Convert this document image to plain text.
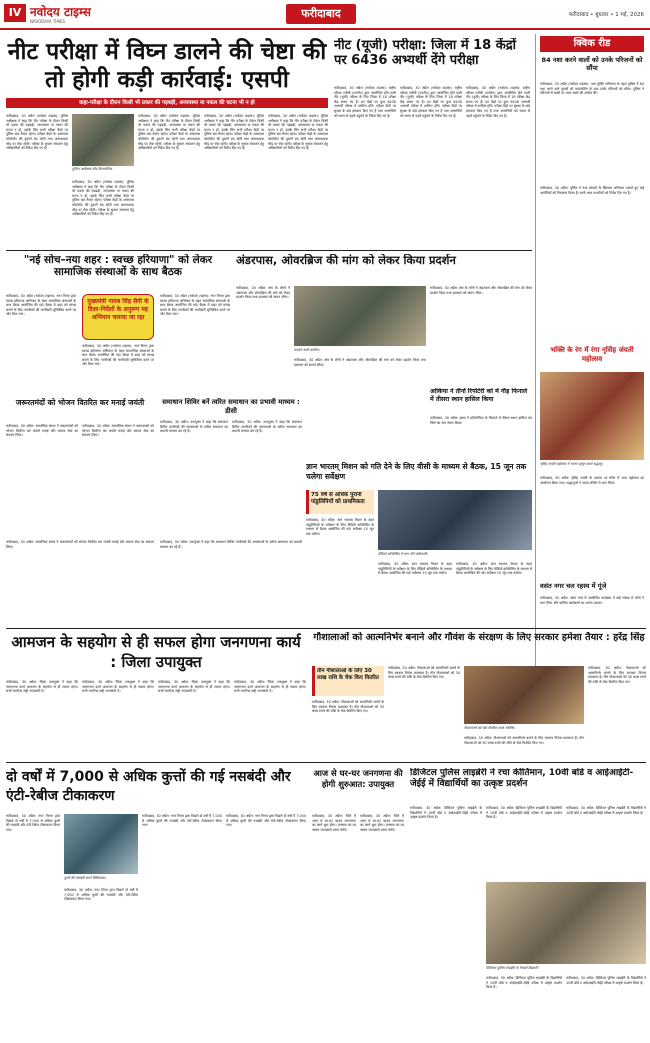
IV नवोदय टाइम्स
NAVODAYA TIMES
फरीदाबाद	फरीदाबाद • बुधवार • 1 मई, 2026
नीट परीक्षा में विघ्न डालने की चेष्टा की तो होगी कड़ी कार्रवाई: एसपी
कहा-परीक्षा के दौरान किसी भी प्रकार की गड़बड़ी, अव्यवस्था या नकल की घटना भी न हो
फरीदाबाद, 30 अप्रैल (नवोदय टाइम्स): पुलिस अधीक्षक ने कहा कि नीट परीक्षा के दौरान किसी भी प्रकार की गड़बड़ी, अव्यवस्था या नकल की घटना न हो, इसके लिए सभी परीक्षा केंद्रों पर पुलिस बल तैनात रहेगा। परीक्षा केंद्रों के आसपास फोटोस्टेट की दुकानें बंद रहेंगी तथा अनावश्यक भीड़ पर रोक रहेगी। परीक्षा के सुचारु संचालन हेतु अधिकारियों को निर्देश दिए गए हैं।
पुलिस अधीक्षक नरेंद्र बिजारणिया
फरीदाबाद, 30 अप्रैल (नवोदय टाइम्स): पुलिस अधीक्षक ने कहा कि नीट परीक्षा के दौरान किसी भी प्रकार की गड़बड़ी, अव्यवस्था या नकल की घटना न हो, इसके लिए सभी परीक्षा केंद्रों पर पुलिस बल तैनात रहेगा। परीक्षा केंद्रों के आसपास फोटोस्टेट की दुकानें बंद रहेंगी तथा अनावश्यक भीड़ पर रोक रहेगी। परीक्षा के सुचारु संचालन हेतु अधिकारियों को निर्देश दिए गए हैं।
फरीदाबाद, 30 अप्रैल (नवोदय टाइम्स): पुलिस अधीक्षक ने कहा कि नीट परीक्षा के दौरान किसी भी प्रकार की गड़बड़ी, अव्यवस्था या नकल की घटना न हो, इसके लिए सभी परीक्षा केंद्रों पर पुलिस बल तैनात रहेगा। परीक्षा केंद्रों के आसपास फोटोस्टेट की दुकानें बंद रहेंगी तथा अनावश्यक भीड़ पर रोक रहेगी। परीक्षा के सुचारु संचालन हेतु अधिकारियों को निर्देश दिए गए हैं।
फरीदाबाद, 30 अप्रैल (नवोदय टाइम्स): पुलिस अधीक्षक ने कहा कि नीट परीक्षा के दौरान किसी भी प्रकार की गड़बड़ी, अव्यवस्था या नकल की घटना न हो, इसके लिए सभी परीक्षा केंद्रों पर पुलिस बल तैनात रहेगा। परीक्षा केंद्रों के आसपास फोटोस्टेट की दुकानें बंद रहेंगी तथा अनावश्यक भीड़ पर रोक रहेगी। परीक्षा के सुचारु संचालन हेतु अधिकारियों को निर्देश दिए गए हैं।
फरीदाबाद, 30 अप्रैल (नवोदय टाइम्स): पुलिस अधीक्षक ने कहा कि नीट परीक्षा के दौरान किसी भी प्रकार की गड़बड़ी, अव्यवस्था या नकल की घटना न हो, इसके लिए सभी परीक्षा केंद्रों पर पुलिस बल तैनात रहेगा। परीक्षा केंद्रों के आसपास फोटोस्टेट की दुकानें बंद रहेंगी तथा अनावश्यक भीड़ पर रोक रहेगी। परीक्षा के सुचारु संचालन हेतु अधिकारियों को निर्देश दिए गए हैं।
नीट (यूजी) परीक्षा: जिला में 18 केंद्रों पर 6436 अभ्यर्थी देंगे परीक्षा
फरीदाबाद, 30 अप्रैल (नवोदय टाइम्स): राष्ट्रीय परीक्षा एजेंसी (एनटीए) द्वारा आयोजित होने वाली नीट (यूजी) परीक्षा के लिए जिला में 18 परीक्षा केंद्र बनाए गए हैं। इन केंद्रों पर कुल 6436 अभ्यर्थी परीक्षा में शामिल होंगे। परीक्षा केंद्रों पर सुरक्षा के कड़े इंतजाम किए गए हैं तथा अभ्यर्थियों को समय से पहले पहुंचने के निर्देश दिए गए हैं।
फरीदाबाद, 30 अप्रैल (नवोदय टाइम्स): राष्ट्रीय परीक्षा एजेंसी (एनटीए) द्वारा आयोजित होने वाली नीट (यूजी) परीक्षा के लिए जिला में 18 परीक्षा केंद्र बनाए गए हैं। इन केंद्रों पर कुल 6436 अभ्यर्थी परीक्षा में शामिल होंगे। परीक्षा केंद्रों पर सुरक्षा के कड़े इंतजाम किए गए हैं तथा अभ्यर्थियों को समय से पहले पहुंचने के निर्देश दिए गए हैं।
फरीदाबाद, 30 अप्रैल (नवोदय टाइम्स): राष्ट्रीय परीक्षा एजेंसी (एनटीए) द्वारा आयोजित होने वाली नीट (यूजी) परीक्षा के लिए जिला में 18 परीक्षा केंद्र बनाए गए हैं। इन केंद्रों पर कुल 6436 अभ्यर्थी परीक्षा में शामिल होंगे। परीक्षा केंद्रों पर सुरक्षा के कड़े इंतजाम किए गए हैं तथा अभ्यर्थियों को समय से पहले पहुंचने के निर्देश दिए गए हैं।
क्विक रीड
84 नशा करने वालों को उनके परिजनों को सौंपा
फरीदाबाद, 30 अप्रैल (नवोदय टाइम्स): नशा मुक्ति अभियान के तहत पुलिस ने 84 नशा करने वाले युवकों को काउंसलिंग के बाद उनके परिजनों को सौंपा। पुलिस ने परिजनों से बच्चों पर नजर रखने की अपील की।
फरीदाबाद, 30 अप्रैल: पुलिस ने नशा तस्करों के खिलाफ अभियान चलाते हुए कई आरोपियों को गिरफ्तार किया है। सभी थाना प्रभारियों को निर्देश दिए गए हैं।
भक्ति के रंग में रंगा नृसिंह जंयती महोत्सव
नृसिंह जयंती महोत्सव में भजन प्रस्तुत करते श्रद्धालु।
फरीदाबाद, 30 अप्रैल: नृसिंह जयंती के अवसर पर मंदिर में भव्य महोत्सव का आयोजन किया गया। श्रद्धालुओं ने भजन-कीर्तन में भाग लिया।
वसंत नगर चल रहस्य में गूंजे
फरीदाबाद, 30 अप्रैल: वसंत नगर में आयोजित कार्यक्रम में बड़ी संख्या में लोगों ने भाग लिया और धार्मिक कार्यक्रमों का आनंद उठाया।
"नई सोच–नया शहर : स्वच्छ हरियाणा" को लेकर सामाजिक संस्थाओं के साथ बैठक
फरीदाबाद, 30 अप्रैल (नवोदय टाइम्स): नगर निगम द्वारा स्वच्छ हरियाणा अभियान के तहत सामाजिक संस्थाओं के साथ बैठक आयोजित की गई। बैठक में शहर को स्वच्छ बनाने के लिए नागरिकों की भागीदारी सुनिश्चित करने पर जोर दिया गया।
मुख्यमंत्री नायब सिंह सैनी के दिशा-निर्देशों के अनुरूप यह अभियान चलाया जा रहा
फरीदाबाद, 30 अप्रैल (नवोदय टाइम्स): नगर निगम द्वारा स्वच्छ हरियाणा अभियान के तहत सामाजिक संस्थाओं के साथ बैठक आयोजित की गई। बैठक में शहर को स्वच्छ बनाने के लिए नागरिकों की भागीदारी सुनिश्चित करने पर जोर दिया गया।
फरीदाबाद, 30 अप्रैल (नवोदय टाइम्स): नगर निगम द्वारा स्वच्छ हरियाणा अभियान के तहत सामाजिक संस्थाओं के साथ बैठक आयोजित की गई। बैठक में शहर को स्वच्छ बनाने के लिए नागरिकों की भागीदारी सुनिश्चित करने पर जोर दिया गया।
जरूरतमंदों को भोजन वितरित कर मनाई जयंती
फरीदाबाद, 30 अप्रैल: सामाजिक संस्था ने जरूरतमंदों को भोजन वितरित कर जयंती मनाई और समाज सेवा का संकल्प लिया।
फरीदाबाद, 30 अप्रैल: सामाजिक संस्था ने जरूरतमंदों को भोजन वितरित कर जयंती मनाई और समाज सेवा का संकल्प लिया।
अंडरपास, ओवरब्रिज की मांग को लेकर किया प्रदर्शन
फरीदाबाद, 30 अप्रैल: क्षेत्र के लोगों ने अंडरपास और ओवरब्रिज की मांग को लेकर प्रदर्शन किया तथा प्रशासन को ज्ञापन सौंपा।
प्रदर्शन करते ग्रामीण।
फरीदाबाद, 30 अप्रैल: क्षेत्र के लोगों ने अंडरपास और ओवरब्रिज की मांग को लेकर प्रदर्शन किया तथा प्रशासन को ज्ञापन सौंपा।
फरीदाबाद, 30 अप्रैल: क्षेत्र के लोगों ने अंडरपास और ओवरब्रिज की मांग को लेकर प्रदर्शन किया तथा प्रशासन को ज्ञापन सौंपा।
आंकिया ने तीनों रिपोर्टरी को में गौड़ फिनाले में तीसरा स्थान हासिल किया
फरीदाबाद, 30 अप्रैल: छात्रा ने प्रतियोगिता के फिनाले में तीसरा स्थान हासिल कर जिले का नाम रोशन किया।
समाधान शिविर बनें त्वरित समाधान का प्रभावी माध्यम : डीसी
फरीदाबाद, 30 अप्रैल: उपायुक्त ने कहा कि समाधान शिविर नागरिकों की समस्याओं के त्वरित समाधान का प्रभावी माध्यम बन रहे हैं।
फरीदाबाद, 30 अप्रैल: उपायुक्त ने कहा कि समाधान शिविर नागरिकों की समस्याओं के त्वरित समाधान का प्रभावी माध्यम बन रहे हैं।
ज्ञान भारतम् मिशन को गति देने के लिए वीसी के माध्यम से बैठक, 15 जून तक चलेगा सर्वेक्षण
75 वर्ष से अधिक पुरानी पांडुलिपियों को प्राथमिकता
फरीदाबाद, 30 अप्रैल: ज्ञान भारतम् मिशन के तहत पांडुलिपियों के सर्वेक्षण के लिए वीडियो कॉन्फ्रेंसिंग के माध्यम से बैठक आयोजित की गई। सर्वेक्षण 15 जून तक चलेगा।
वीडियो कॉन्फ्रेंसिंग में भाग लेते अधिकारी।
फरीदाबाद, 30 अप्रैल: ज्ञान भारतम् मिशन के तहत पांडुलिपियों के सर्वेक्षण के लिए वीडियो कॉन्फ्रेंसिंग के माध्यम से बैठक आयोजित की गई। सर्वेक्षण 15 जून तक चलेगा।
फरीदाबाद, 30 अप्रैल: ज्ञान भारतम् मिशन के तहत पांडुलिपियों के सर्वेक्षण के लिए वीडियो कॉन्फ्रेंसिंग के माध्यम से बैठक आयोजित की गई। सर्वेक्षण 15 जून तक चलेगा।
फरीदाबाद, 30 अप्रैल: उपायुक्त ने कहा कि समाधान शिविर नागरिकों की समस्याओं के त्वरित समाधान का प्रभावी माध्यम बन रहे हैं।
फरीदाबाद, 30 अप्रैल: सामाजिक संस्था ने जरूरतमंदों को भोजन वितरित कर जयंती मनाई और समाज सेवा का संकल्प लिया।
आमजन के सहयोग से ही सफल होगा जनगणना कार्य : जिला उपायुक्त
फरीदाबाद, 30 अप्रैल: जिला उपायुक्त ने कहा कि जनगणना कार्य आमजन के सहयोग से ही सफल होगा। सभी नागरिक सही जानकारी दें।
फरीदाबाद, 30 अप्रैल: जिला उपायुक्त ने कहा कि जनगणना कार्य आमजन के सहयोग से ही सफल होगा। सभी नागरिक सही जानकारी दें।
फरीदाबाद, 30 अप्रैल: जिला उपायुक्त ने कहा कि जनगणना कार्य आमजन के सहयोग से ही सफल होगा। सभी नागरिक सही जानकारी दें।
फरीदाबाद, 30 अप्रैल: जिला उपायुक्त ने कहा कि जनगणना कार्य आमजन के सहयोग से ही सफल होगा। सभी नागरिक सही जानकारी दें।
गौशालाओं को आत्मनिर्भर बनाने और गौवंश के संरक्षण के लिए सरकार हमेशा तैयार : हरेंद्र सिंह
तीन गौशालाओं के लिए 30 लाख राशि के चेक किए वितरित
फरीदाबाद, 30 अप्रैल: गौशालाओं को आत्मनिर्भर बनाने के लिए सरकार निरंतर प्रयासरत है। तीन गौशालाओं को 30 लाख रुपये की राशि के चेक वितरित किए गए।
फरीदाबाद, 30 अप्रैल: गौशालाओं को आत्मनिर्भर बनाने के लिए सरकार निरंतर प्रयासरत है। तीन गौशालाओं को 30 लाख रुपये की राशि के चेक वितरित किए गए।
गौशालाओं को चेक वितरित करते अतिथि।
फरीदाबाद, 30 अप्रैल: गौशालाओं को आत्मनिर्भर बनाने के लिए सरकार निरंतर प्रयासरत है। तीन गौशालाओं को 30 लाख रुपये की राशि के चेक वितरित किए गए।
फरीदाबाद, 30 अप्रैल: गौशालाओं को आत्मनिर्भर बनाने के लिए सरकार निरंतर प्रयासरत है। तीन गौशालाओं को 30 लाख रुपये की राशि के चेक वितरित किए गए।
दो वर्षों में 7,000 से अधिक कुत्तों की गई नसबंदी और एंटी-रेबीज टीकाकरण
फरीदाबाद, 30 अप्रैल: नगर निगम द्वारा पिछले दो वर्षों में 7,000 से अधिक कुत्तों की नसबंदी और एंटी-रेबीज टीकाकरण किया गया।
कुत्तों की नसबंदी करते चिकित्सक।
फरीदाबाद, 30 अप्रैल: नगर निगम द्वारा पिछले दो वर्षों में 7,000 से अधिक कुत्तों की नसबंदी और एंटी-रेबीज टीकाकरण किया गया।
फरीदाबाद, 30 अप्रैल: नगर निगम द्वारा पिछले दो वर्षों में 7,000 से अधिक कुत्तों की नसबंदी और एंटी-रेबीज टीकाकरण किया गया।
फरीदाबाद, 30 अप्रैल: नगर निगम द्वारा पिछले दो वर्षों में 7,000 से अधिक कुत्तों की नसबंदी और एंटी-रेबीज टीकाकरण किया गया।
आज से घर-घर जनगणना की होगी शुरुआत: उपायुक्त
फरीदाबाद, 30 अप्रैल: जिले में आज से घर-घर जाकर जनगणना का कार्य शुरू होगा। प्रगणक घर-घर जाकर जानकारी एकत्र करेंगे।
फरीदाबाद, 30 अप्रैल: जिले में आज से घर-घर जाकर जनगणना का कार्य शुरू होगा। प्रगणक घर-घर जाकर जानकारी एकत्र करेंगे।
डिजिटल पुलिस लाइब्रेरी ने रचा कीर्तिमान, 10वीं बोर्ड व आईआईटी-जेईई में विद्यार्थियों का उत्कृष्ट प्रदर्शन
फरीदाबाद, 30 अप्रैल: डिजिटल पुलिस लाइब्रेरी के विद्यार्थियों ने 10वीं बोर्ड व आईआईटी-जेईई परीक्षा में उत्कृष्ट प्रदर्शन किया है।
फरीदाबाद, 30 अप्रैल: डिजिटल पुलिस लाइब्रेरी के विद्यार्थियों ने 10वीं बोर्ड व आईआईटी-जेईई परीक्षा में उत्कृष्ट प्रदर्शन किया है।
फरीदाबाद, 30 अप्रैल: डिजिटल पुलिस लाइब्रेरी के विद्यार्थियों ने 10वीं बोर्ड व आईआईटी-जेईई परीक्षा में उत्कृष्ट प्रदर्शन किया है।
डिजिटल पुलिस लाइब्रेरी के मेधावी विद्यार्थी।
फरीदाबाद, 30 अप्रैल: डिजिटल पुलिस लाइब्रेरी के विद्यार्थियों ने 10वीं बोर्ड व आईआईटी-जेईई परीक्षा में उत्कृष्ट प्रदर्शन किया है।
फरीदाबाद, 30 अप्रैल: डिजिटल पुलिस लाइब्रेरी के विद्यार्थियों ने 10वीं बोर्ड व आईआईटी-जेईई परीक्षा में उत्कृष्ट प्रदर्शन किया है।
